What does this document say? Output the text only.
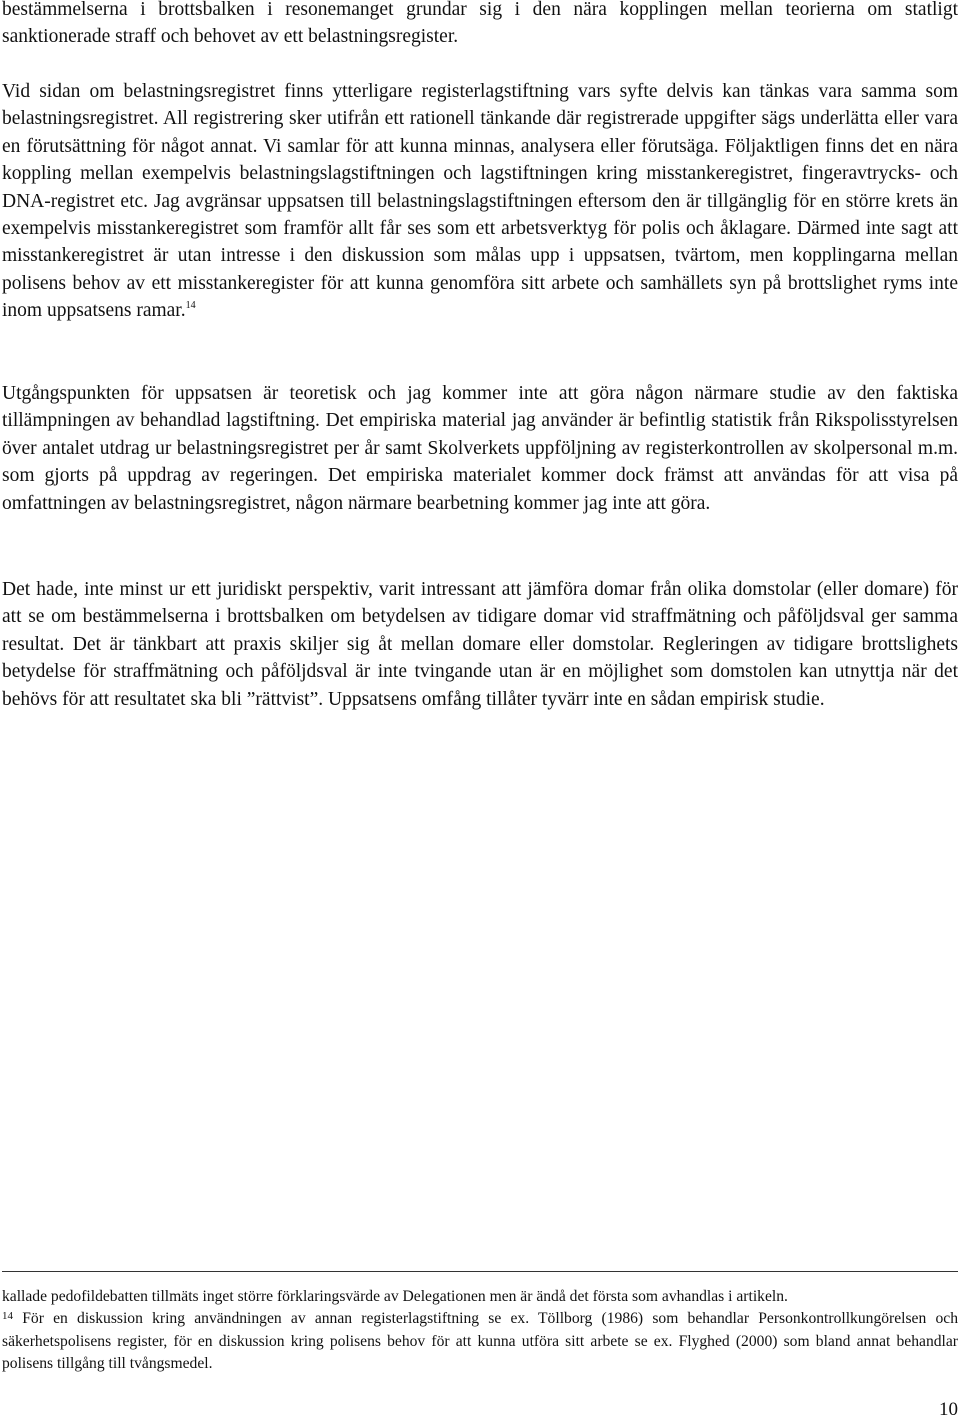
bestämmelserna i brottsbalken i resonemanget grundar sig i den nära kopplingen mellan teorierna om statligt sanktionerade straff och behovet av ett belastningsregister.

Vid sidan om belastningsregistret finns ytterligare registerlagstiftning vars syfte delvis kan tänkas vara samma som belastningsregistret. All registrering sker utifrån ett rationell tänkande där registrerade uppgifter sägs underlätta eller vara en förutsättning för något annat. Vi samlar för att kunna minnas, analysera eller förutsäga. Följaktligen finns det en nära koppling mellan exempelvis belastningslagstiftningen och lagstiftningen kring misstankeregistret, fingeravtrycks- och DNA-registret etc. Jag avgränsar uppsatsen till belastningslagstiftningen eftersom den är tillgänglig för en större krets än exempelvis misstankeregistret som framför allt får ses som ett arbetsverktyg för polis och åklagare. Därmed inte sagt att misstankeregistret är utan intresse i den diskussion som målas upp i uppsatsen, tvärtom, men kopplingarna mellan polisens behov av ett misstankeregister för att kunna genomföra sitt arbete och samhällets syn på brottslighet ryms inte inom uppsatsens ramar.$^{14}$

Utgångspunkten för uppsatsen är teoretisk och jag kommer inte att göra någon närmare studie av den faktiska tillämpningen av behandlad lagstiftning. Det empiriska material jag använder är befintlig statistik från Rikspolisstyrelsen över antalet utdrag ur belastningsregistret per år samt Skolverkets uppföljning av registerkontrollen av skolpersonal m.m. som gjorts på uppdrag av regeringen. Det empiriska materialet kommer dock främst att användas för att visa på omfattningen av belastningsregistret, någon närmare bearbetning kommer jag inte att göra.

Det hade, inte minst ur ett juridiskt perspektiv, varit intressant att jämföra domar från olika domstolar (eller domare) för att se om bestämmelserna i brottsbalken om betydelsen av tidigare domar vid straffmätning och påföljdsval ger samma resultat. Det är tänkbart att praxis skiljer sig åt mellan domare eller domstolar. Regleringen av tidigare brottslighets betydelse för straffmätning och påföljdsval är inte tvingande utan är en möjlighet som domstolen kan utnyttja när det behövs för att resultatet ska bli ”rättvist”. Uppsatsens omfång tillåter tyvärr inte en sådan empirisk studie.

kallade pedofildebatten tillmäts inget större förklaringsvärde av Delegationen men är ändå det första som avhandlas i artikeln.

$^{14}$ För en diskussion kring användningen av annan registerlagstiftning se ex. Töllborg (1986) som behandlar Personkontrollkungörelsen och säkerhetspolisens register, för en diskussion kring polisens behov för att kunna utföra sitt arbete se ex. Flyghed (2000) som bland annat behandlar polisens tillgång till tvångsmedel.

10
